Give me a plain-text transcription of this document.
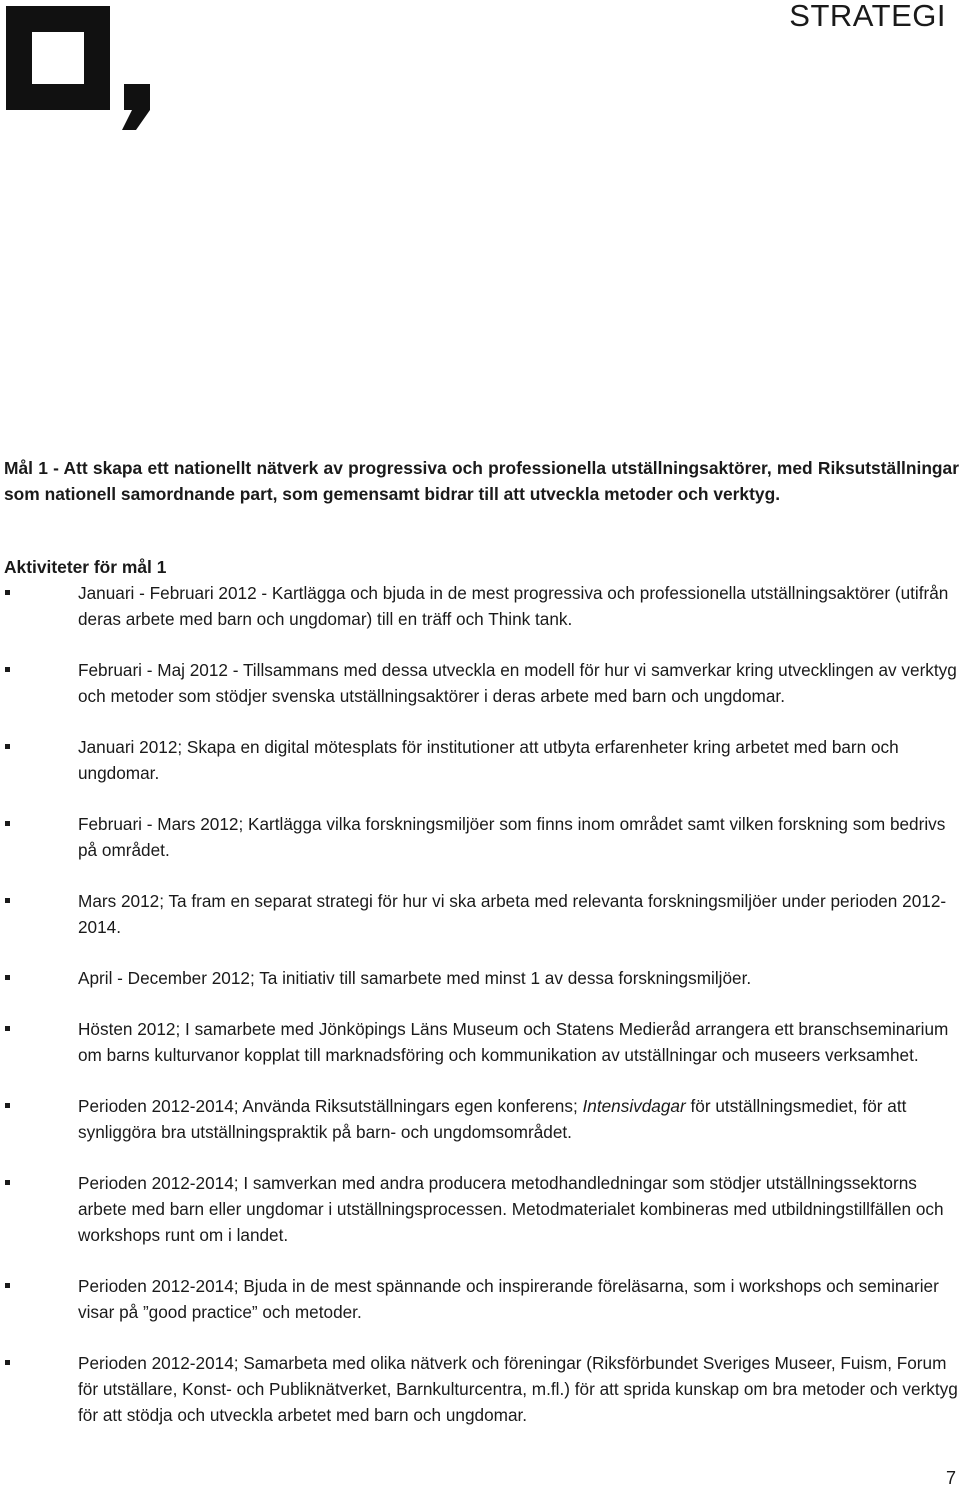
STRATEGI

Mål 1 - Att skapa ett nationellt nätverk av progressiva och professionella utställningsaktörer, med Riksutställningar som nationell samordnande part, som gemensamt bidrar till att utveckla metoder och verktyg.

Aktiviteter för mål 1
Januari - Februari 2012 - Kartlägga och bjuda in de mest progressiva och professionella utställningsaktörer (utifrån deras arbete med barn och ungdomar) till en träff och Think tank.
Februari - Maj 2012 - Tillsammans med dessa utveckla en modell för hur vi samverkar kring utvecklingen av verktyg och metoder som stödjer svenska utställningsaktörer i deras arbete med barn och ungdomar.
Januari 2012; Skapa en digital mötesplats för institutioner att utbyta erfarenheter kring arbetet med barn och ungdomar.
Februari - Mars 2012; Kartlägga vilka forskningsmiljöer som finns inom området samt vilken forskning som bedrivs på området.
Mars 2012; Ta fram en separat strategi för hur vi ska arbeta med relevanta forskningsmiljöer under perioden 2012-2014.
April - December 2012; Ta initiativ till samarbete med minst 1 av dessa forskningsmiljöer.
Hösten 2012; I samarbete med Jönköpings Läns Museum och Statens Medieråd arrangera ett branschseminarium om barns kulturvanor kopplat till marknadsföring och kommunikation av utställningar och museers verksamhet.
Perioden 2012-2014; Använda Riksutställningars egen konferens; Intensivdagar för utställningsmediet, för att synliggöra bra utställningspraktik på barn- och ungdomsområdet.
Perioden 2012-2014; I samverkan med andra producera metodhandledningar som stödjer utställningssektorns arbete med barn eller ungdomar i utställningsprocessen. Metodmaterialet kombineras med utbildningstillfällen och workshops runt om i landet.
Perioden 2012-2014; Bjuda in de mest spännande och inspirerande föreläsarna, som i workshops och seminarier visar på ”good practice” och metoder.
Perioden 2012-2014; Samarbeta med olika nätverk och föreningar (Riksförbundet Sveriges Museer, Fuism, Forum för utställare, Konst- och Publiknätverket, Barnkulturcentra, m.fl.) för att sprida kunskap om bra metoder och verktyg för att stödja och utveckla arbetet med barn och ungdomar.

7
